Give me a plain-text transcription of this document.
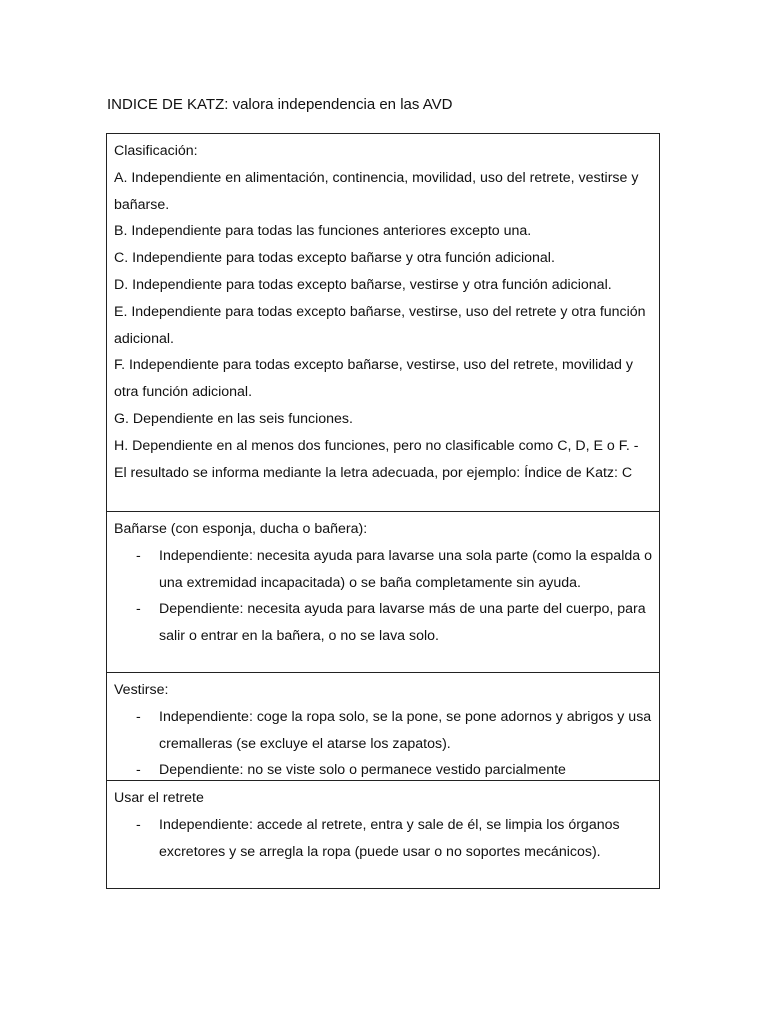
INDICE DE KATZ: valora independencia en las AVD
Clasificación:
A. Independiente en alimentación, continencia, movilidad, uso del retrete, vestirse y bañarse.
B. Independiente para todas las funciones anteriores excepto una.
C. Independiente para todas excepto bañarse y otra función adicional.
D. Independiente para todas excepto bañarse, vestirse y otra función adicional.
E. Independiente para todas excepto bañarse, vestirse, uso del retrete y otra función adicional.
F. Independiente para todas excepto bañarse, vestirse, uso del retrete, movilidad y otra función adicional.
G. Dependiente en las seis funciones.
H. Dependiente en al menos dos funciones, pero no clasificable como C, D, E o F. - El resultado se informa mediante la letra adecuada, por ejemplo: Índice de Katz: C
Bañarse (con esponja, ducha o bañera):
- Independiente: necesita ayuda para lavarse una sola parte (como la espalda o una extremidad incapacitada) o se baña completamente sin ayuda.
- Dependiente: necesita ayuda para lavarse más de una parte del cuerpo, para salir o entrar en la bañera, o no se lava solo.
Vestirse:
- Independiente: coge la ropa solo, se la pone, se pone adornos y abrigos y usa cremalleras (se excluye el atarse los zapatos).
- Dependiente: no se viste solo o permanece vestido parcialmente
Usar el retrete
- Independiente: accede al retrete, entra y sale de él, se limpia los órganos excretores y se arregla la ropa (puede usar o no soportes mecánicos).
